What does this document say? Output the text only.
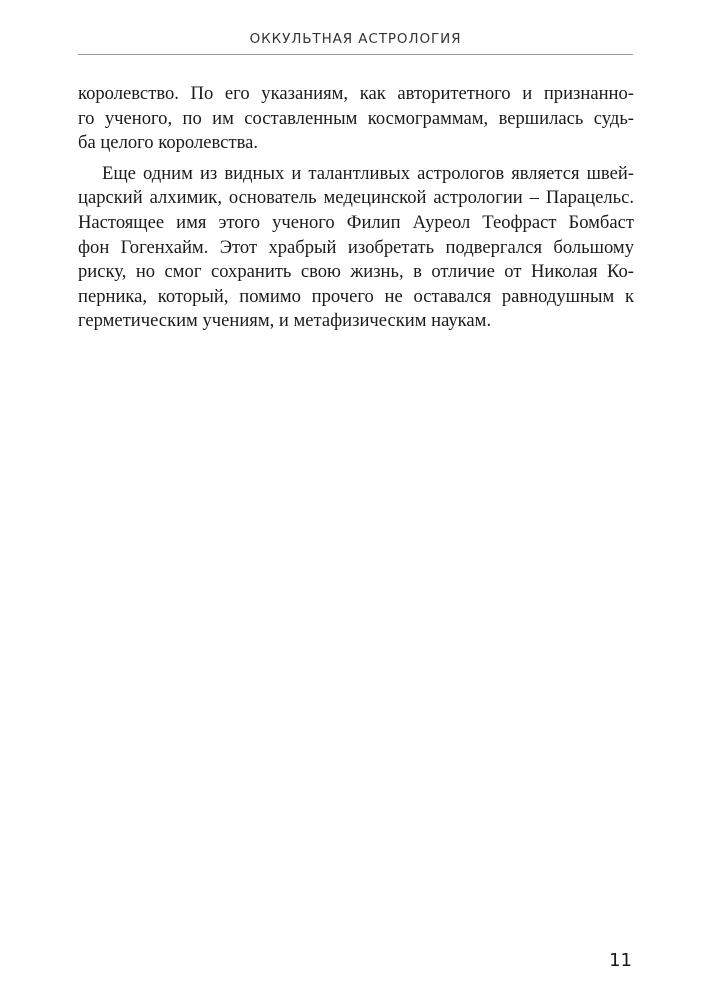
ОККУЛЬТНАЯ АСТРОЛОГИЯ
королевство. По его указаниям, как авторитетного и признанно-
го ученого, по им составленным космограммам, вершилась судь-
ба целого королевства.
Еще одним из видных и талантливых астрологов является швей-
царский алхимик, основатель медецинской астрологии – Парацельс.
Настоящее имя этого ученого Филип Ауреол Теофраст Бомбаст
фон Гогенхайм. Этот храбрый изобретать подвергался большому
риску, но смог сохранить свою жизнь, в отличие от Николая Ко-
перника, который, помимо прочего не оставался равнодушным к
герметическим учениям, и метафизическим наукам.
11
